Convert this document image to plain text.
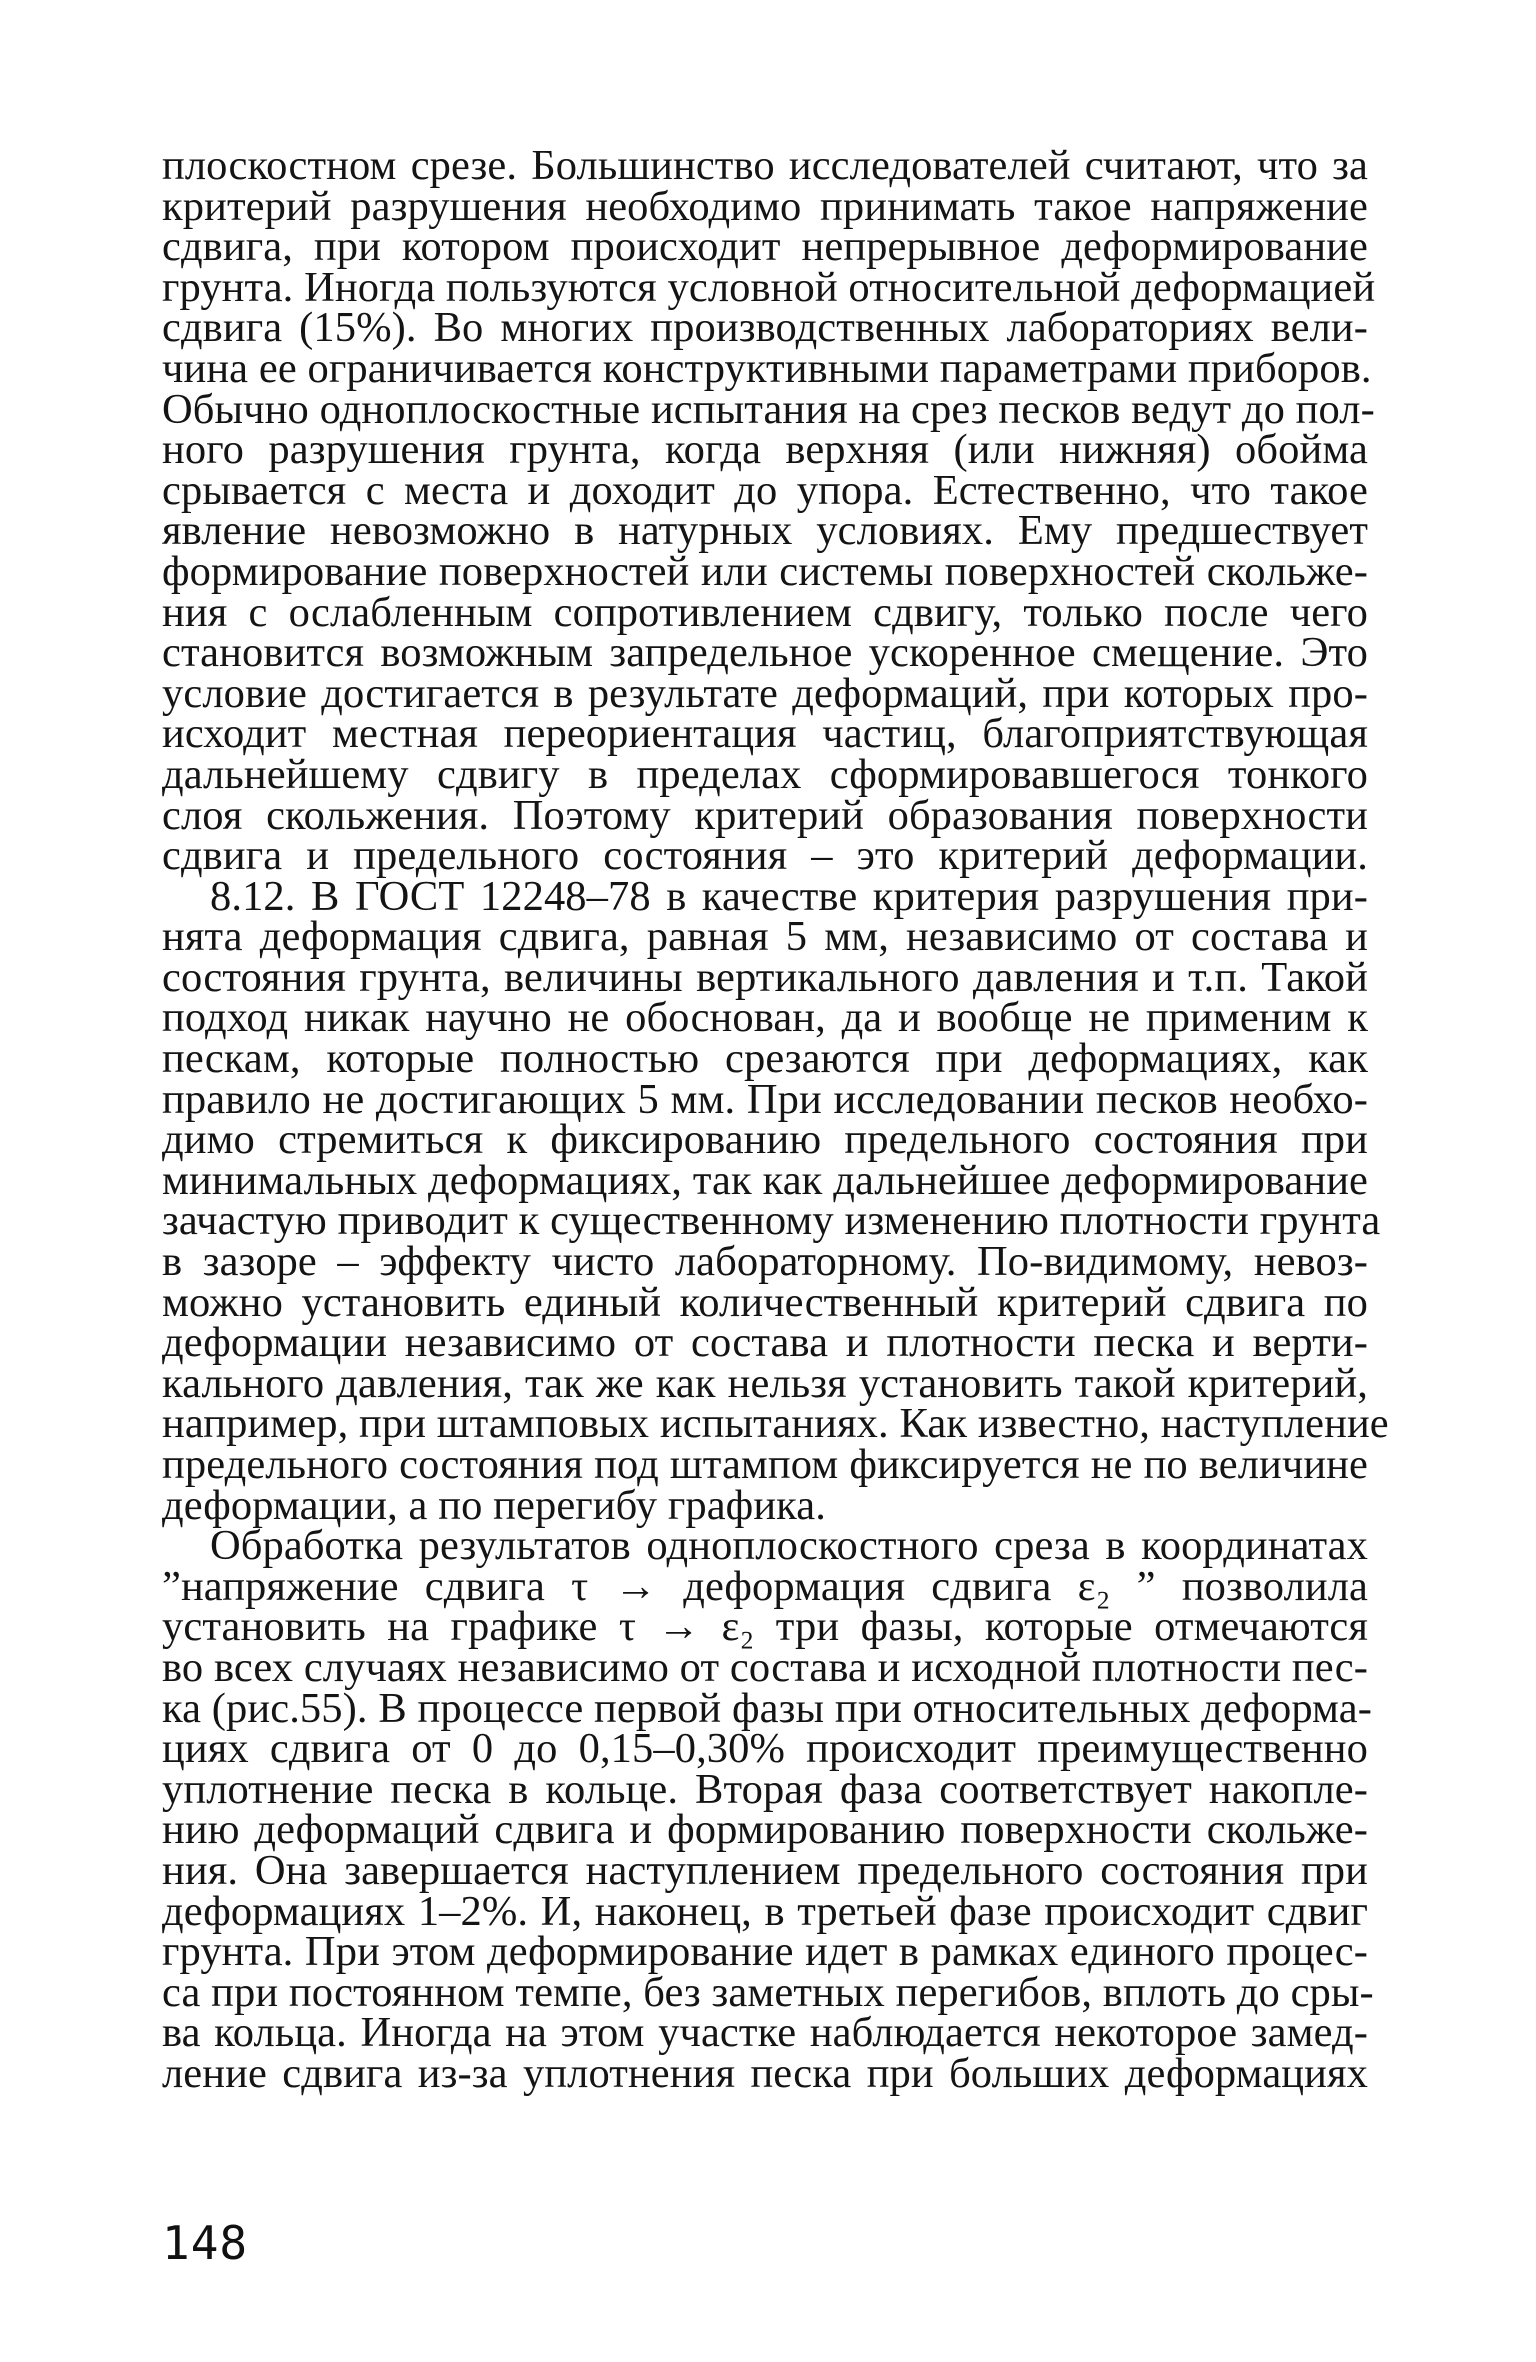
плоскостном срезе. Большинство исследователей считают, что за
критерий разрушения необходимо принимать такое напряжение
сдвига, при котором происходит непрерывное деформирование
грунта. Иногда пользуются условной относительной деформацией
сдвига (15%). Во многих производственных лабораториях вели-
чина ее ограничивается конструктивными параметрами приборов.
Обычно одноплоскостные испытания на срез песков ведут до пол-
ного разрушения грунта, когда верхняя (или нижняя) обойма
срывается с места и доходит до упора. Естественно, что такое
явление невозможно в натурных условиях. Ему предшествует
формирование поверхностей или системы поверхностей скольже-
ния с ослабленным сопротивлением сдвигу, только после чего
становится возможным запредельное ускоренное смещение. Это
условие достигается в результате деформаций, при которых про-
исходит местная переориентация частиц, благоприятствующая
дальнейшему сдвигу в пределах сформировавшегося тонкого
слоя скольжения. Поэтому критерий образования поверхности
сдвига и предельного состояния – это критерий деформации.
8.12. В ГОСТ 12248–78 в качестве критерия разрушения при-
нята деформация сдвига, равная 5 мм, независимо от состава и
состояния грунта, величины вертикального давления и т.п. Такой
подход никак научно не обоснован, да и вообще не применим к
пескам, которые полностью срезаются при деформациях, как
правило не достигающих 5 мм. При исследовании песков необхо-
димо стремиться к фиксированию предельного состояния при
минимальных деформациях, так как дальнейшее деформирование
зачастую приводит к существенному изменению плотности грунта
в зазоре – эффекту чисто лабораторному. По-видимому, невоз-
можно установить единый количественный критерий сдвига по
деформации независимо от состава и плотности песка и верти-
кального давления, так же как нельзя установить такой критерий,
например, при штамповых испытаниях. Как известно, наступление
предельного состояния под штампом фиксируется не по величине
деформации, а по перегибу графика.
Обработка результатов одноплоскостного среза в координатах
”напряжение сдвига τ → деформация сдвига ε₂ ” позволила
установить на графике τ → ε₂ три фазы, которые отмечаются
во всех случаях независимо от состава и исходной плотности пес-
ка (рис.55). В процессе первой фазы при относительных деформа-
циях сдвига от 0 до 0,15–0,30% происходит преимущественно
уплотнение песка в кольце. Вторая фаза соответствует накопле-
нию деформаций сдвига и формированию поверхности скольже-
ния. Она завершается наступлением предельного состояния при
деформациях 1–2%. И, наконец, в третьей фазе происходит сдвиг
грунта. При этом деформирование идет в рамках единого процес-
са при постоянном темпе, без заметных перегибов, вплоть до сры-
ва кольца. Иногда на этом участке наблюдается некоторое замед-
ление сдвига из-за уплотнения песка при больших деформациях
148
